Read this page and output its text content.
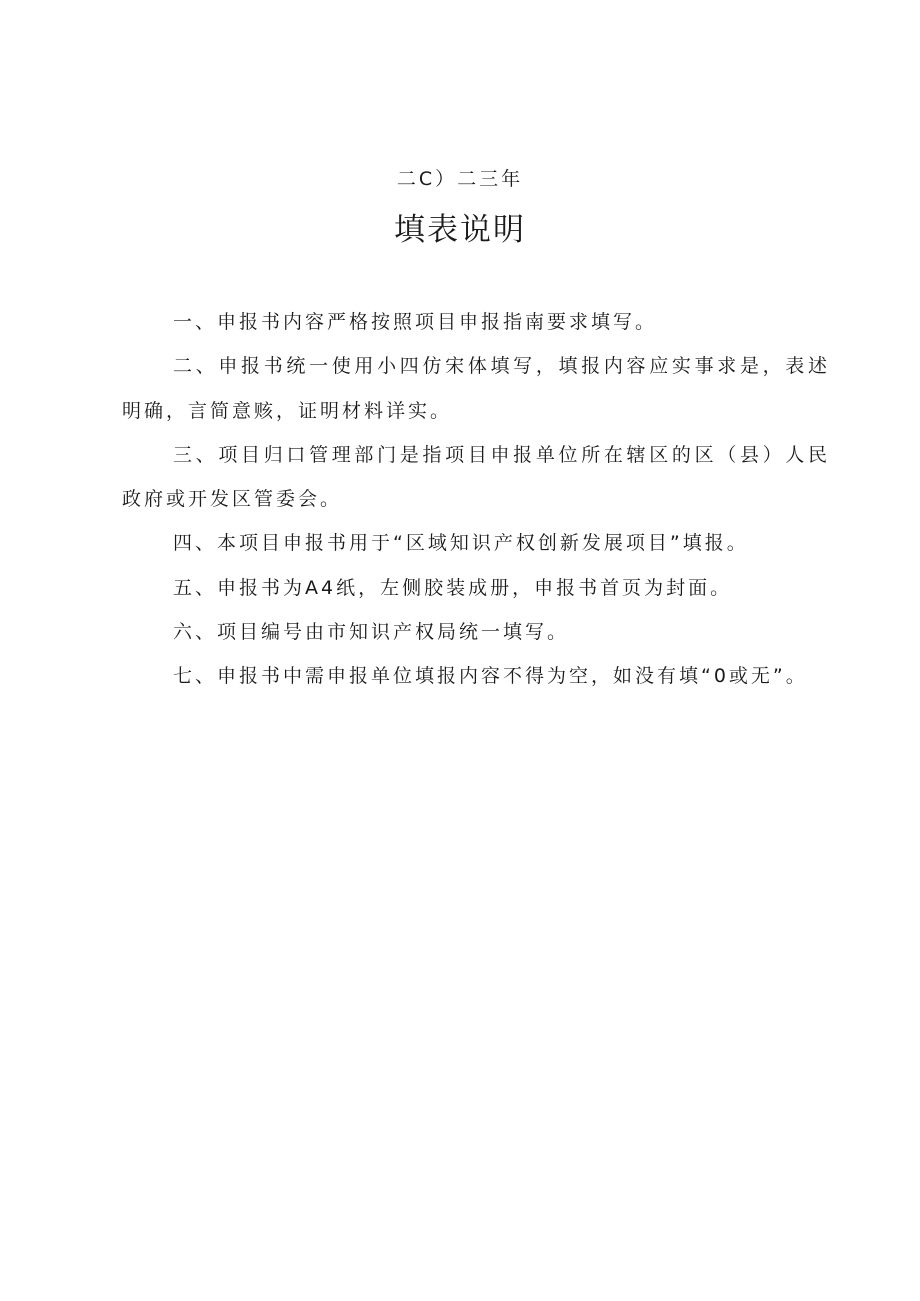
二C）二三年
填表说明

一、申报书内容严格按照项目申报指南要求填写。

二、申报书统一使用小四仿宋体填写，填报内容应实事求是，表述明确，言简意赅，证明材料详实。

三、项目归口管理部门是指项目申报单位所在辖区的区（县）人民政府或开发区管委会。

四、本项目申报书用于“区域知识产权创新发展项目”填报。

五、申报书为A4纸，左侧胶装成册，申报书首页为封面。

六、项目编号由市知识产权局统一填写。

七、申报书中需申报单位填报内容不得为空，如没有填“0或无”。
